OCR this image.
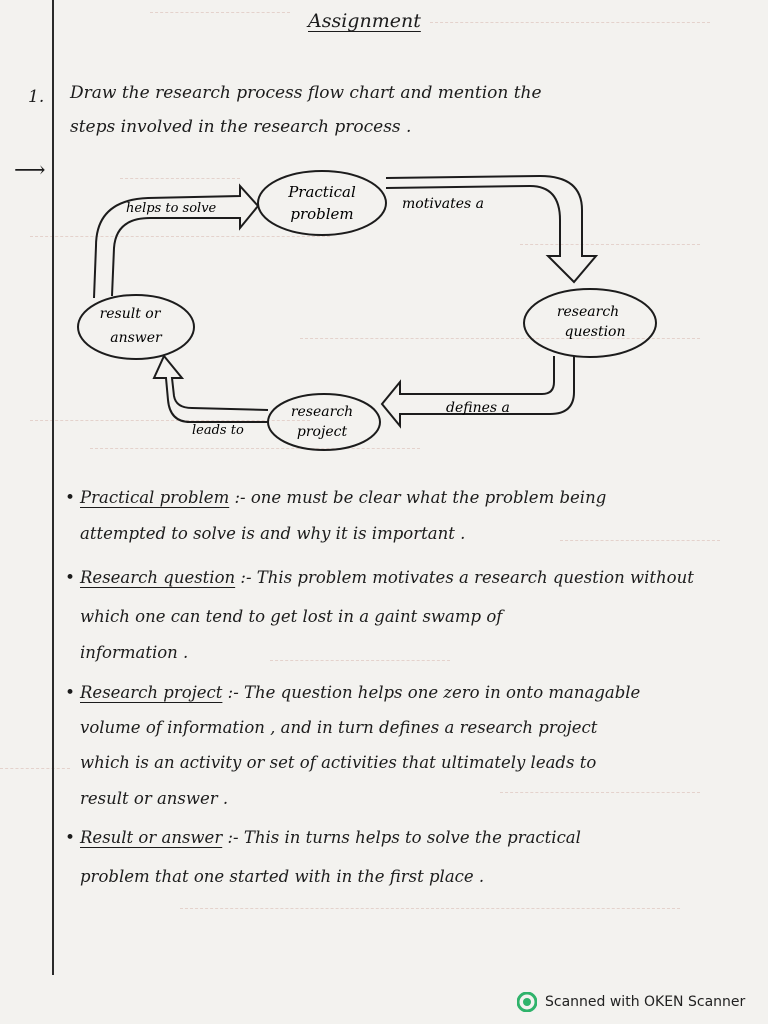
Assignment
1. Draw the research process flow chart and mention the
steps involved in the research process .
⟶
Practical
problem
research
question
research
project
result or
answer
motivates a
defines a
leads to
helps to solve
• Practical problem :- one must be clear what the problem being
attempted to solve is and why it is important .
• Research question :- This problem motivates a research question without
which one can tend to get lost in a gaint swamp of
information .
• Research project :- The question helps one zero in onto managable
volume of information , and in turn defines a research project
which is an activity or set of activities that ultimately leads to
result or answer .
• Result or answer :- This in turns helps to solve the practical
problem that one started with in the first place .
Scanned with OKEN Scanner
